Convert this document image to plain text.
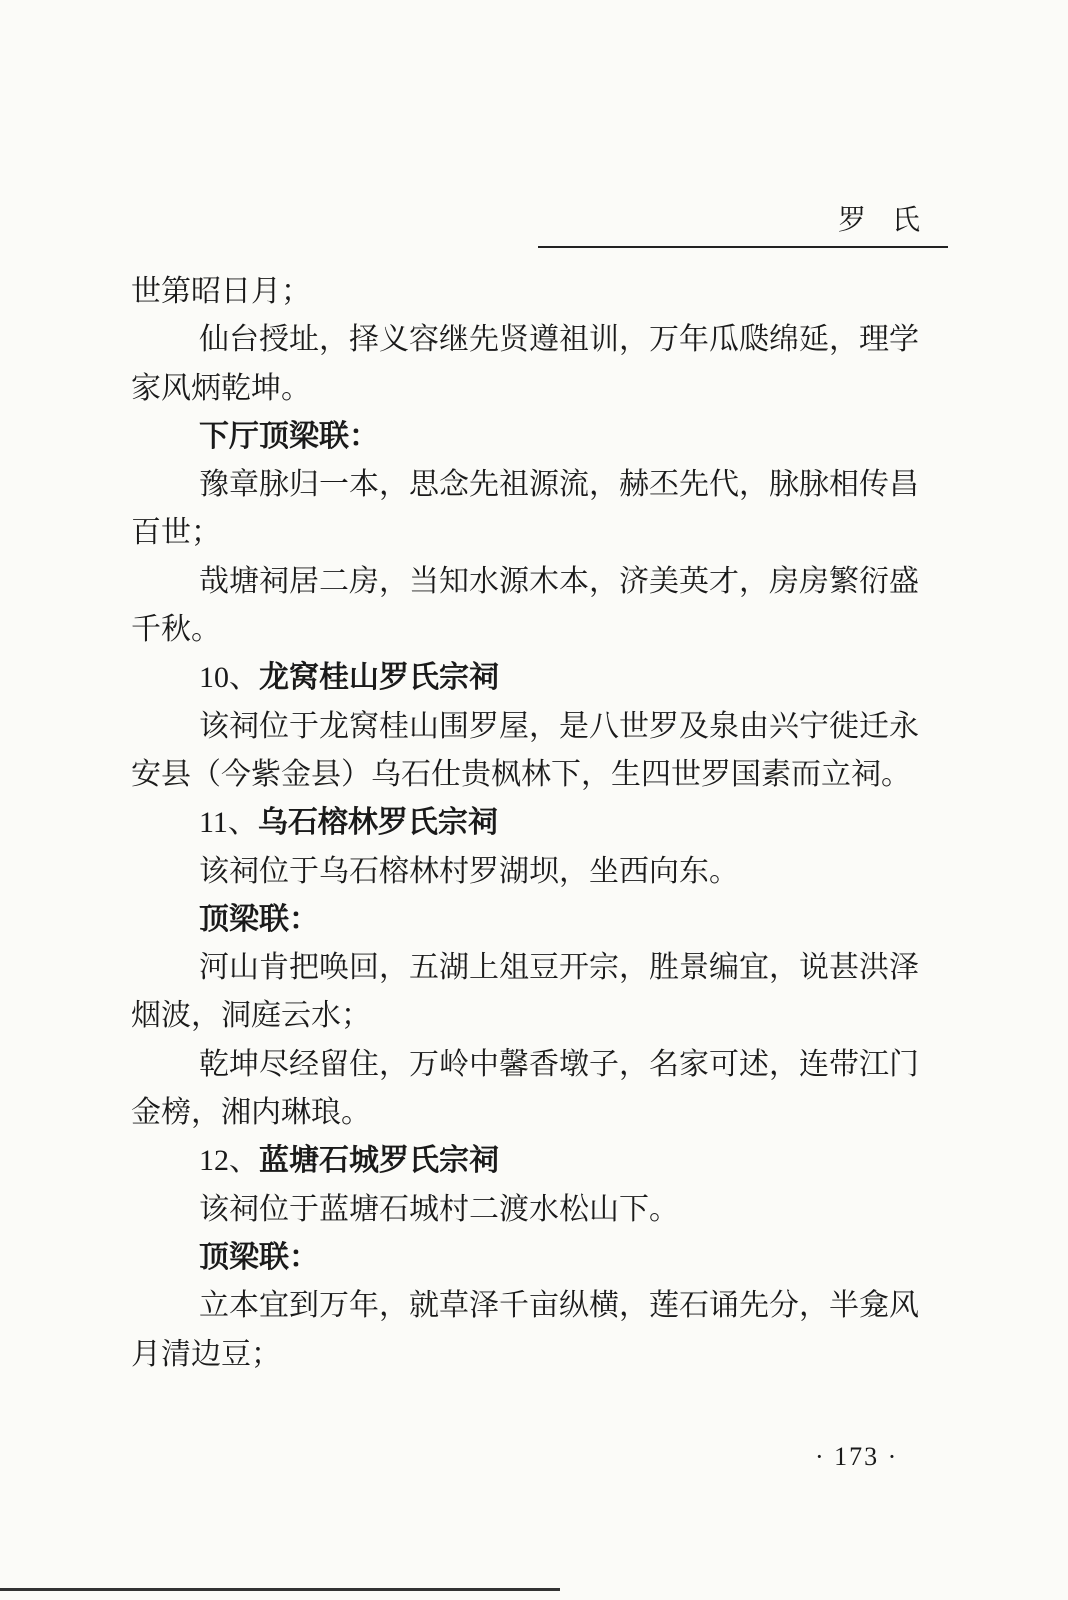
罗氏
世第昭日月；
仙台授址，择义容继先贤遵祖训，万年瓜瓞绵延，理学
家风炳乾坤。
下厅顶梁联：
豫章脉归一本，思念先祖源流，赫丕先代，脉脉相传昌
百世；
哉塘祠居二房，当知水源木本，济美英才，房房繁衍盛
千秋。
10、龙窝桂山罗氏宗祠
该祠位于龙窝桂山围罗屋，是八世罗及泉由兴宁徙迁永
安县（今紫金县）乌石仕贵枫林下，生四世罗国素而立祠。
11、乌石榕林罗氏宗祠
该祠位于乌石榕林村罗湖坝，坐西向东。
顶梁联：
河山肯把唤回，五湖上俎豆开宗，胜景编宜，说甚洪泽
烟波，洞庭云水；
乾坤尽经留住，万岭中馨香墩子，名家可述，连带江门
金榜，湘内琳琅。
12、蓝塘石城罗氏宗祠
该祠位于蓝塘石城村二渡水松山下。
顶梁联：
立本宜到万年，就草泽千亩纵横，莲石诵先分，半龛风
月清边豆；
· 173 ·
